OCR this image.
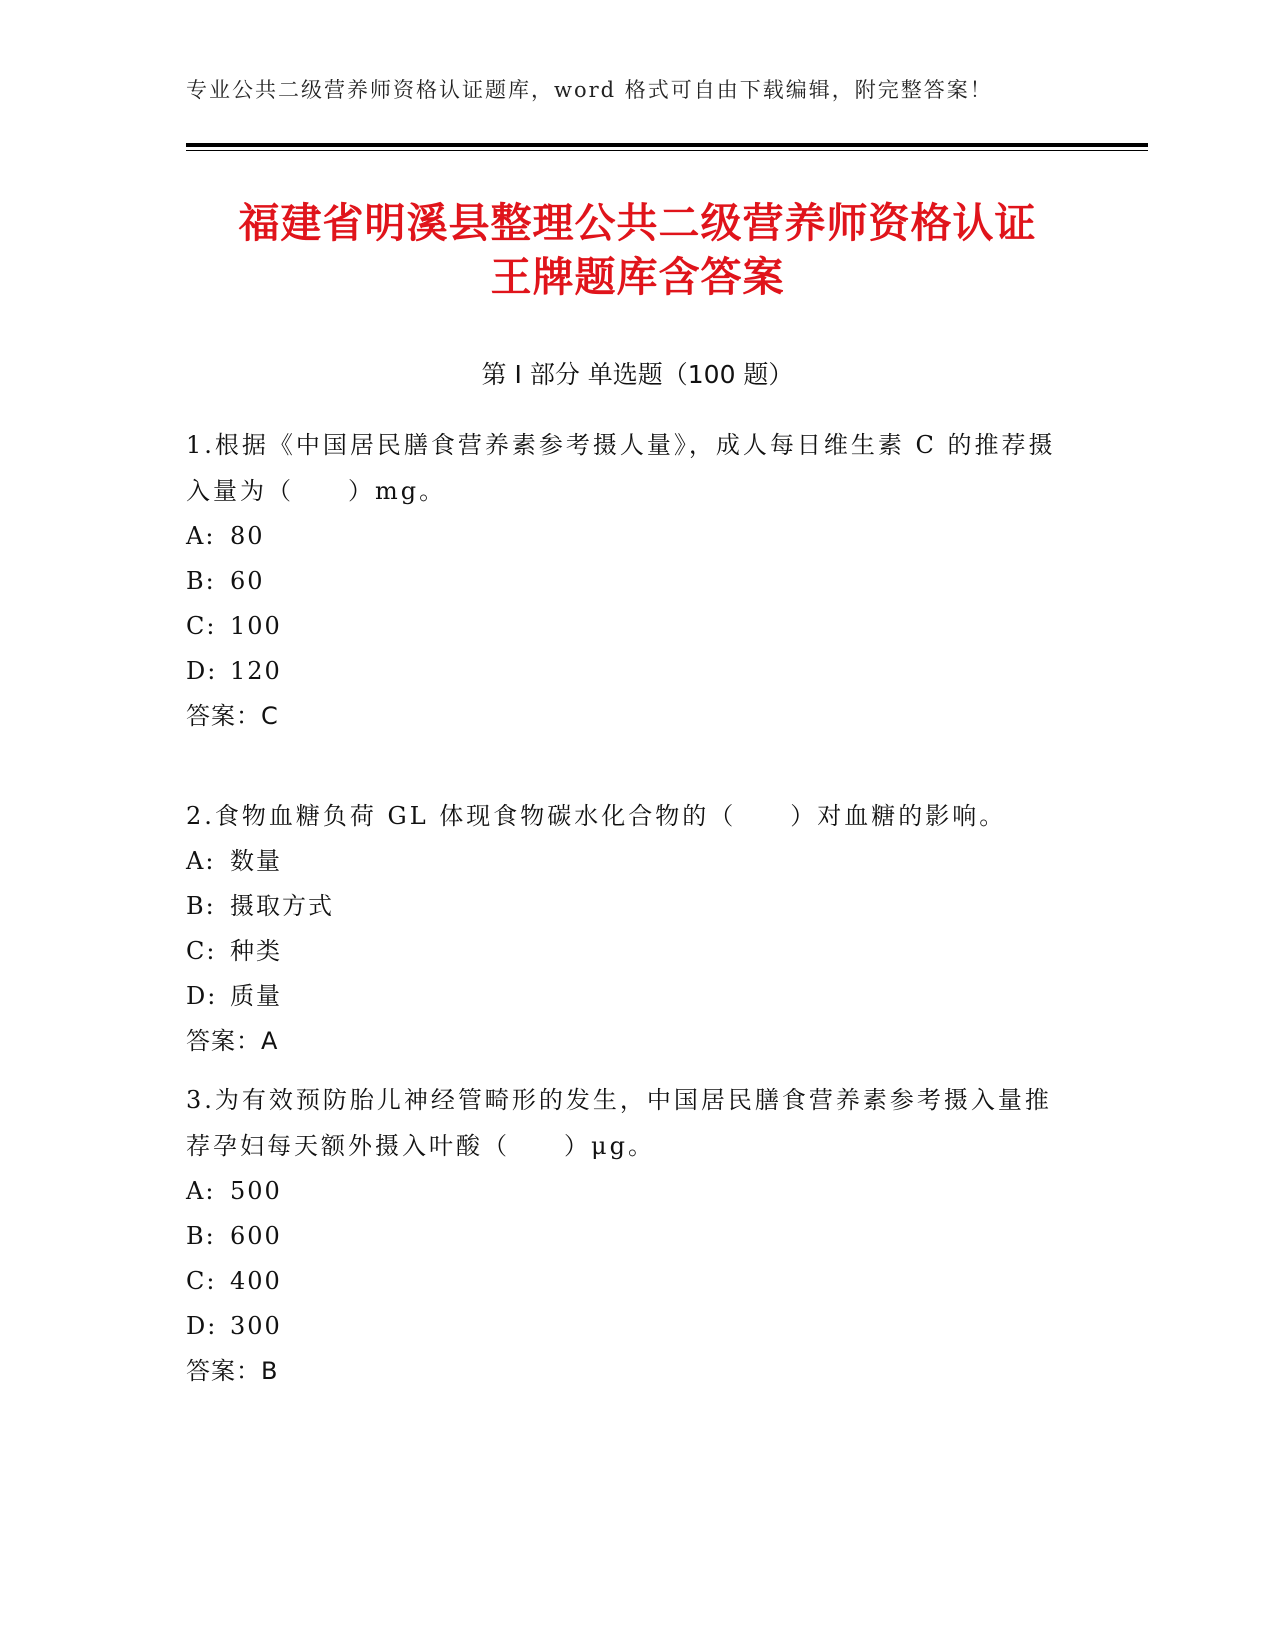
专业公共二级营养师资格认证题库，word 格式可自由下载编辑，附完整答案！
福建省明溪县整理公共二级营养师资格认证
王牌题库含答案
第 I 部分 单选题（100 题）
1.根据《中国居民膳食营养素参考摄人量》，成人每日维生素 C 的推荐摄入量为（　　）mg。
A: 80
B: 60
C: 100
D: 120
答案：C
2.食物血糖负荷 GL 体现食物碳水化合物的（　　）对血糖的影响。
A: 数量
B: 摄取方式
C: 种类
D: 质量
答案：A
3.为有效预防胎儿神经管畸形的发生，中国居民膳食营养素参考摄入量推荐孕妇每天额外摄入叶酸（　　）μg。
A: 500
B: 600
C: 400
D: 300
答案：B
